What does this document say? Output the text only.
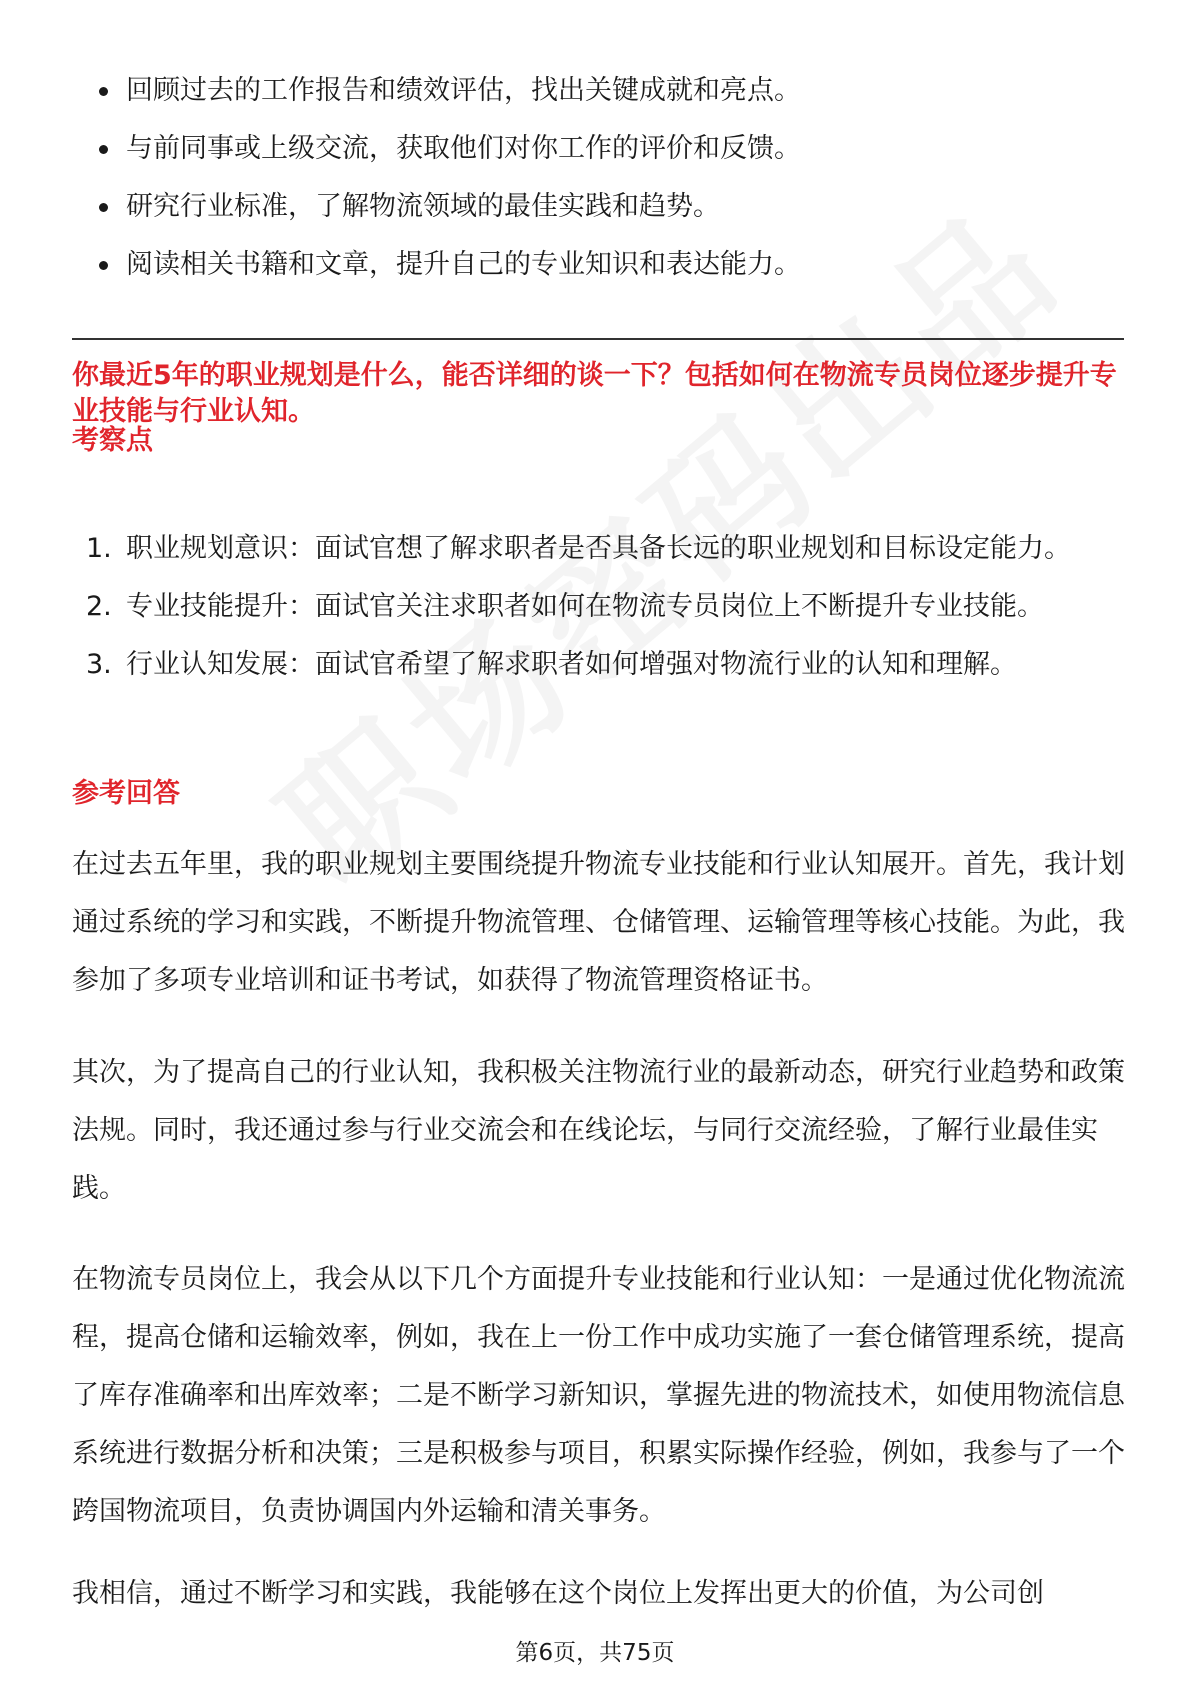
回顾过去的工作报告和绩效评估，找出关键成就和亮点。
与前同事或上级交流，获取他们对你工作的评价和反馈。
研究行业标准，了解物流领域的最佳实践和趋势。
阅读相关书籍和文章，提升自己的专业知识和表达能力。
你最近5年的职业规划是什么，能否详细的谈一下？包括如何在物流专员岗位逐步提升专业技能与行业认知。
考察点
1. 职业规划意识：面试官想了解求职者是否具备长远的职业规划和目标设定能力。
2. 专业技能提升：面试官关注求职者如何在物流专员岗位上不断提升专业技能。
3. 行业认知发展：面试官希望了解求职者如何增强对物流行业的认知和理解。
参考回答

在过去五年里，我的职业规划主要围绕提升物流专业技能和行业认知展开。首先，我计划通过系统的学习和实践，不断提升物流管理、仓储管理、运输管理等核心技能。为此，我参加了多项专业培训和证书考试，如获得了物流管理资格证书。

其次，为了提高自己的行业认知，我积极关注物流行业的最新动态，研究行业趋势和政策法规。同时，我还通过参与行业交流会和在线论坛，与同行交流经验，了解行业最佳实践。

在物流专员岗位上，我会从以下几个方面提升专业技能和行业认知：一是通过优化物流流程，提高仓储和运输效率，例如，我在上一份工作中成功实施了一套仓储管理系统，提高了库存准确率和出库效率；二是不断学习新知识，掌握先进的物流技术，如使用物流信息系统进行数据分析和决策；三是积极参与项目，积累实际操作经验，例如，我参与了一个跨国物流项目，负责协调国内外运输和清关事务。

我相信，通过不断学习和实践，我能够在这个岗位上发挥出更大的价值，为公司创

第6页，共75页
